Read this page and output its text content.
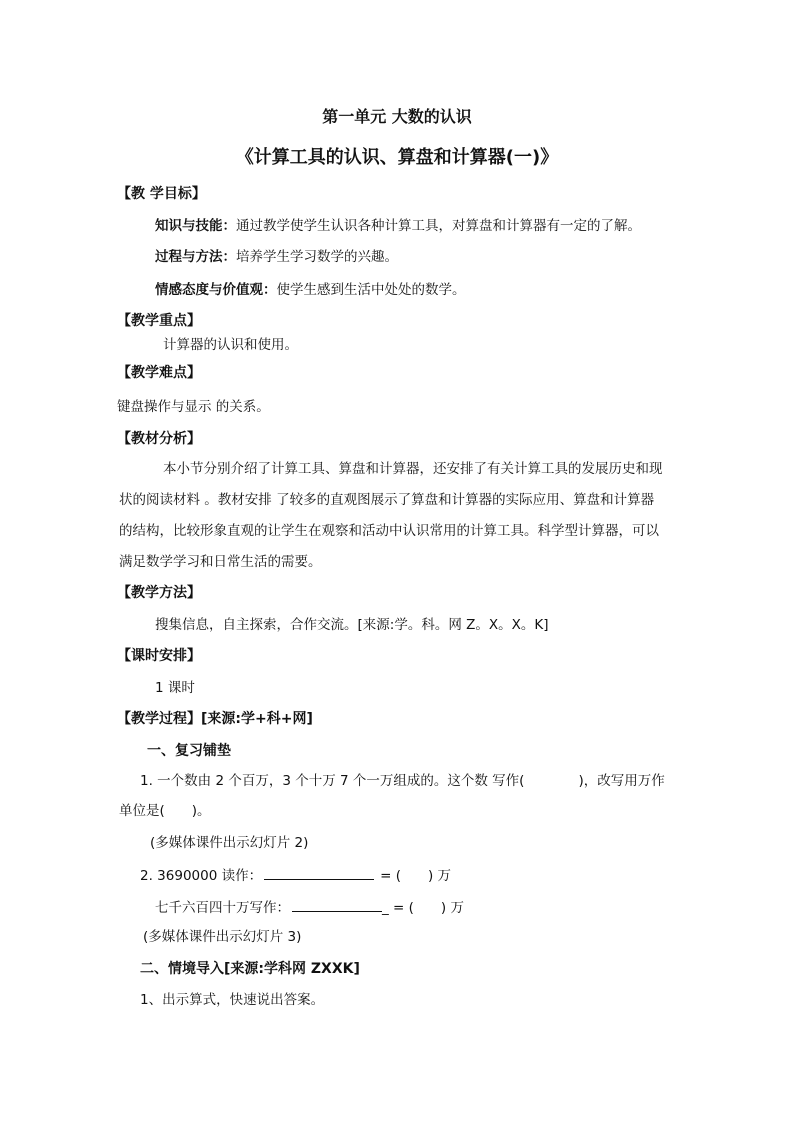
第一单元 大数的认识
《计算工具的认识、算盘和计算器(一)》
【教 学目标】
知识与技能：通过教学使学生认识各种计算工具，对算盘和计算器有一定的了解。
过程与方法：培养学生学习数学的兴趣。
情感态度与价值观：使学生感到生活中处处的数学。
【教学重点】
计算器的认识和使用。
【教学难点】
键盘操作与显示 的关系。
【教材分析】
本小节分别介绍了计算工具、算盘和计算器，还安排了有关计算工具的发展历史和现
状的阅读材料 。教材安排 了较多的直观图展示了算盘和计算器的实际应用、算盘和计算器
的结构，比较形象直观的让学生在观察和活动中认识常用的计算工具。科学型计算器，可以
满足数学学习和日常生活的需要。
【教学方法】
搜集信息，自主探索，合作交流。[来源:学。科。网 Z。X。X。K]
【课时安排】
1 课时
【教学过程】[来源:学+科+网]
一、复习铺垫
1. 一个数由 2 个百万，3 个十万 7 个一万组成的。这个数 写作(　　　　)，改写用万作
单位是(　　)。
(多媒体课件出示幻灯片 2)
2. 3690000 读作：	= (　　) 万
七千六百四十万写作：	_ = (　　) 万
(多媒体课件出示幻灯片 3)
二、情境导入[来源:学科网 ZXXK]
1、出示算式，快速说出答案。
